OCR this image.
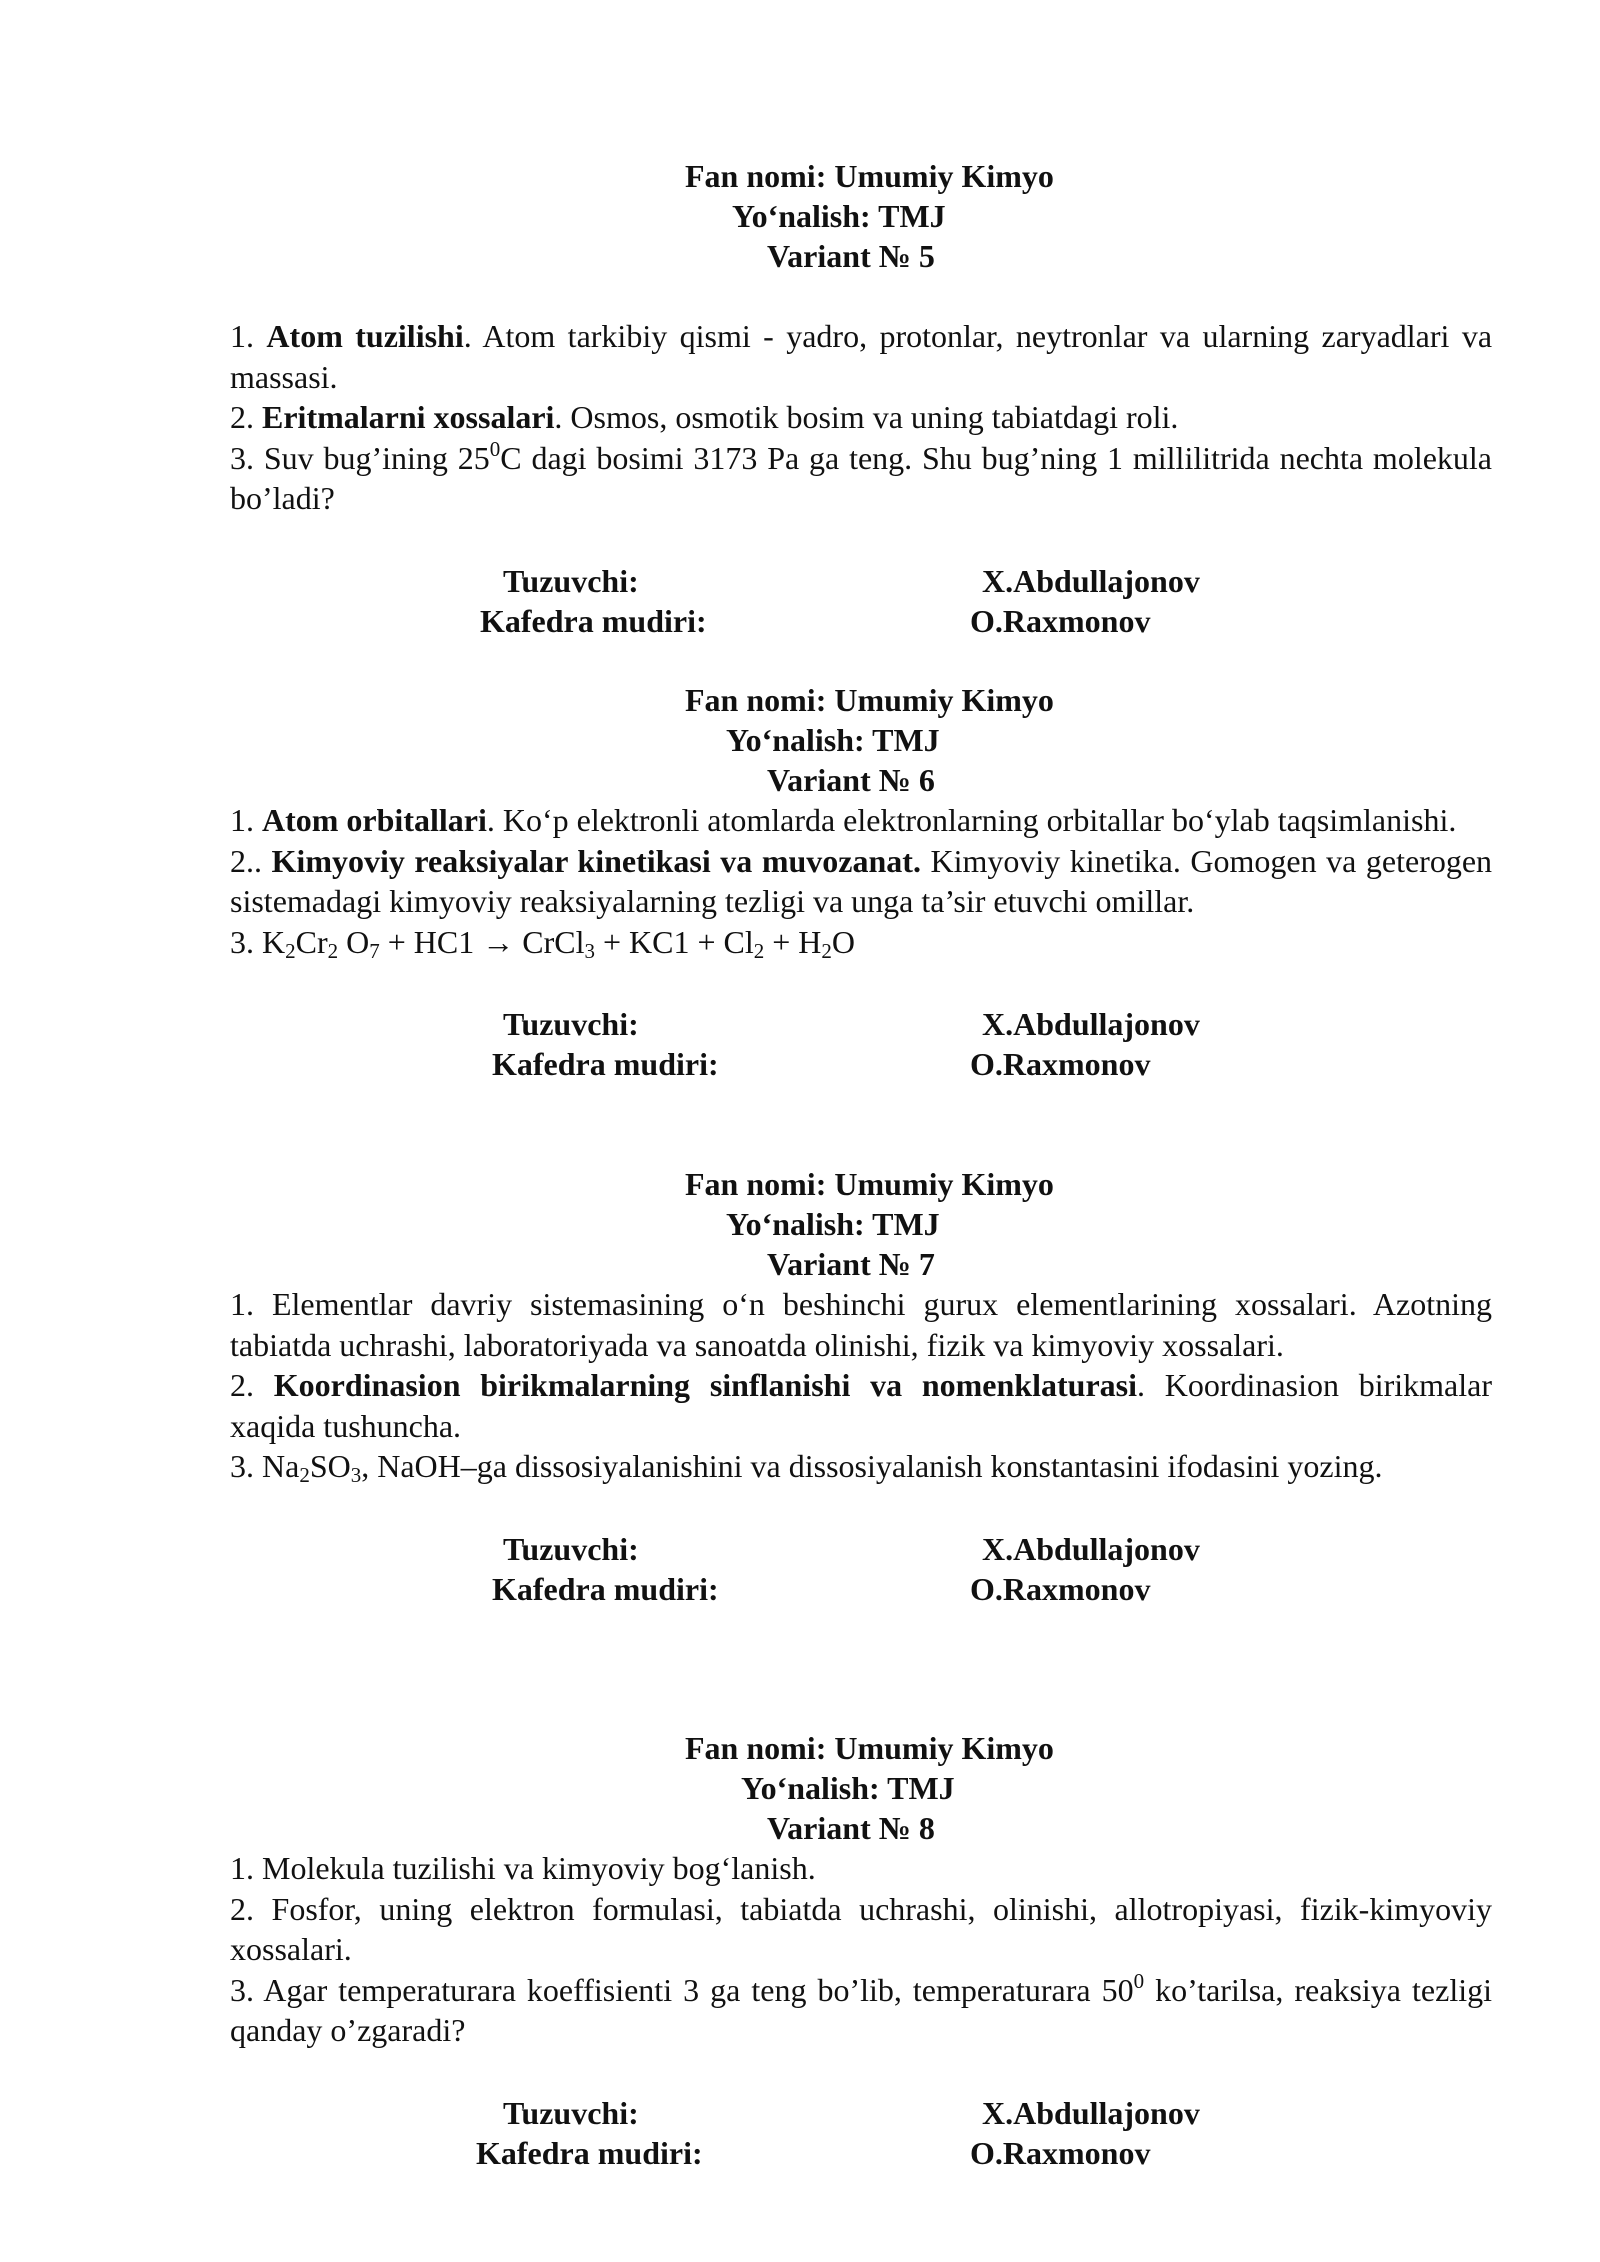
Fan nomi: Umumiy Kimyo
Yo‘nalish: TMJ
Variant № 5

1. Atom tuzilishi. Atom tarkibiy qismi - yadro, protonlar, neytronlar va ularning zaryadlari va massasi.

2. Eritmalarni xossalari. Osmos, osmotik bosim va uning tabiatdagi roli.

3. Suv bug’ining $25^0C$ dagi bosimi 3173 Pa ga teng. Shu bug’ning 1 millilitrida nechta molekula bo’ladi?

Tuzuvchi:	X.Abdullajonov
Kafedra mudiri:	O.Raxmonov
Fan nomi: Umumiy Kimyo
Yo‘nalish: TMJ
Variant № 6

1. Atom orbitallari. Ko‘p elektronli atomlarda elektronlarning orbitallar bo‘ylab taqsimlanishi.

2.. Kimyoviy reaksiyalar kinetikasi va muvozanat. Kimyoviy kinetika. Gomogen va geterogen sistemadagi kimyoviy reaksiyalarning tezligi va unga ta’sir etuvchi omillar.

3. $K_2Cr_2$ $O_7 + HC1$ → CrCl$_3$ + $KC1 + Cl_2 + H_2O$

Tuzuvchi:	X.Abdullajonov
Kafedra mudiri:	O.Raxmonov
Fan nomi: Umumiy Kimyo
Yo‘nalish: TMJ
Variant № 7

1. Elementlar davriy sistemasining o‘n beshinchi gurux elementlarining xossalari. Azotning tabiatda uchrashi, laboratoriyada va sanoatda olinishi, fizik va kimyoviy xossalari.

2. Koordinasion birikmalarning sinflanishi va nomenklaturasi. Koordinasion birikmalar xaqida tushuncha.

3. $Na_2SO_3$, NaOH–ga dissosiyalanishini va dissosiyalanish konstantasini ifodasini yozing.

Tuzuvchi:	X.Abdullajonov
Kafedra mudiri:	O.Raxmonov
Fan nomi: Umumiy Kimyo
Yo‘nalish: TMJ
Variant № 8

1. Molekula tuzilishi va kimyoviy bog‘lanish.

2. Fosfor, uning elektron formulasi, tabiatda uchrashi, olinishi, allotropiyasi, fizik-kimyoviy xossalari.

3. Agar temperaturara koeffisienti 3 ga teng bo’lib, temperaturara $50^0$ ko’tarilsa, reaksiya tezligi qanday o’zgaradi?

Tuzuvchi:	X.Abdullajonov
Kafedra mudiri:	O.Raxmonov
